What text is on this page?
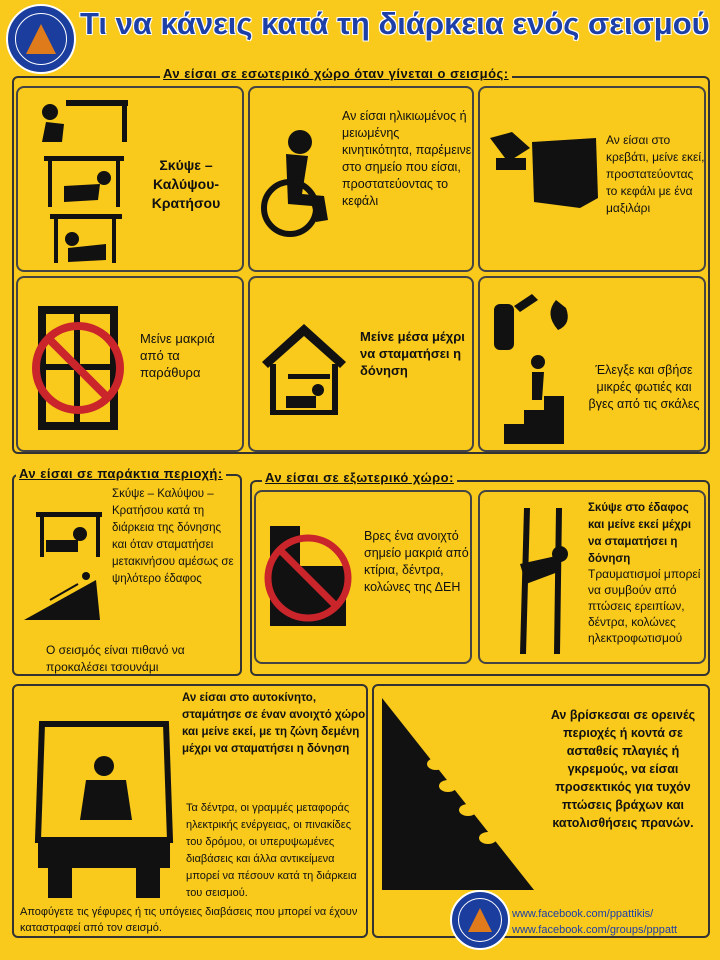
Τι να κάνεις κατά τη διάρκεια ενός σεισμού
Αν είσαι σε εσωτερικό χώρο όταν γίνεται ο σεισμός:
Σκύψε – Καλύψου- Κρατήσου
Αν είσαι ηλικιωμένος ή μειωμένης κινητικότητα, παρέμεινε στο σημείο που είσαι, προστατεύοντας το κεφάλι
Αν είσαι στο κρεβάτι, μείνε εκεί, προστατεύοντας το κεφάλι με ένα μαξιλάρι
Μείνε μακριά από τα παράθυρα
Μείνε μέσα μέχρι να σταματήσει η δόνηση	Έλεγξε και σβήσε μικρές φωτιές και βγες από τις σκάλες
Αν είσαι σε παράκτια περιοχή:
Σκύψε – Καλύψου – Κρατήσου κατά τη διάρκεια της δόνησης και όταν σταματήσει μετακινήσου αμέσως σε ψηλότερο έδαφος
Ο σεισμός είναι πιθανό να προκαλέσει τσουνάμι
Αν είσαι σε εξωτερικό χώρο:
Βρες ένα ανοιχτό σημείο μακριά από κτίρια, δέντρα, κολώνες της ΔΕΗ
Σκύψε στο έδαφος και μείνε εκεί μέχρι να σταματήσει η δόνηση
Τραυματισμοί μπορεί να συμβούν από πτώσεις ερειπίων, δέντρα, κολώνες ηλεκτροφωτισμού
Αν είσαι στο αυτοκίνητο, σταμάτησε σε έναν ανοιχτό χώρο και μείνε εκεί, με τη ζώνη δεμένη μέχρι να σταματήσει η δόνηση
Τα δέντρα, οι γραμμές μεταφοράς ηλεκτρικής ενέργειας, οι πινακίδες του δρόμου, οι υπερυψωμένες διαβάσεις και άλλα αντικείμενα μπορεί να πέσουν κατά τη διάρκεια του σεισμού.
Αποφύγετε τις γέφυρες ή τις υπόγειες διαβάσεις που μπορεί να έχουν καταστραφεί από τον σεισμό.
Αν βρίσκεσαι σε ορεινές περιοχές ή κοντά σε ασταθείς πλαγιές ή γκρεμούς, να είσαι προσεκτικός για τυχόν πτώσεις βράχων και κατολισθήσεις πρανών.
www.facebook.com/ppattikis/
www.facebook.com/groups/pppatt
